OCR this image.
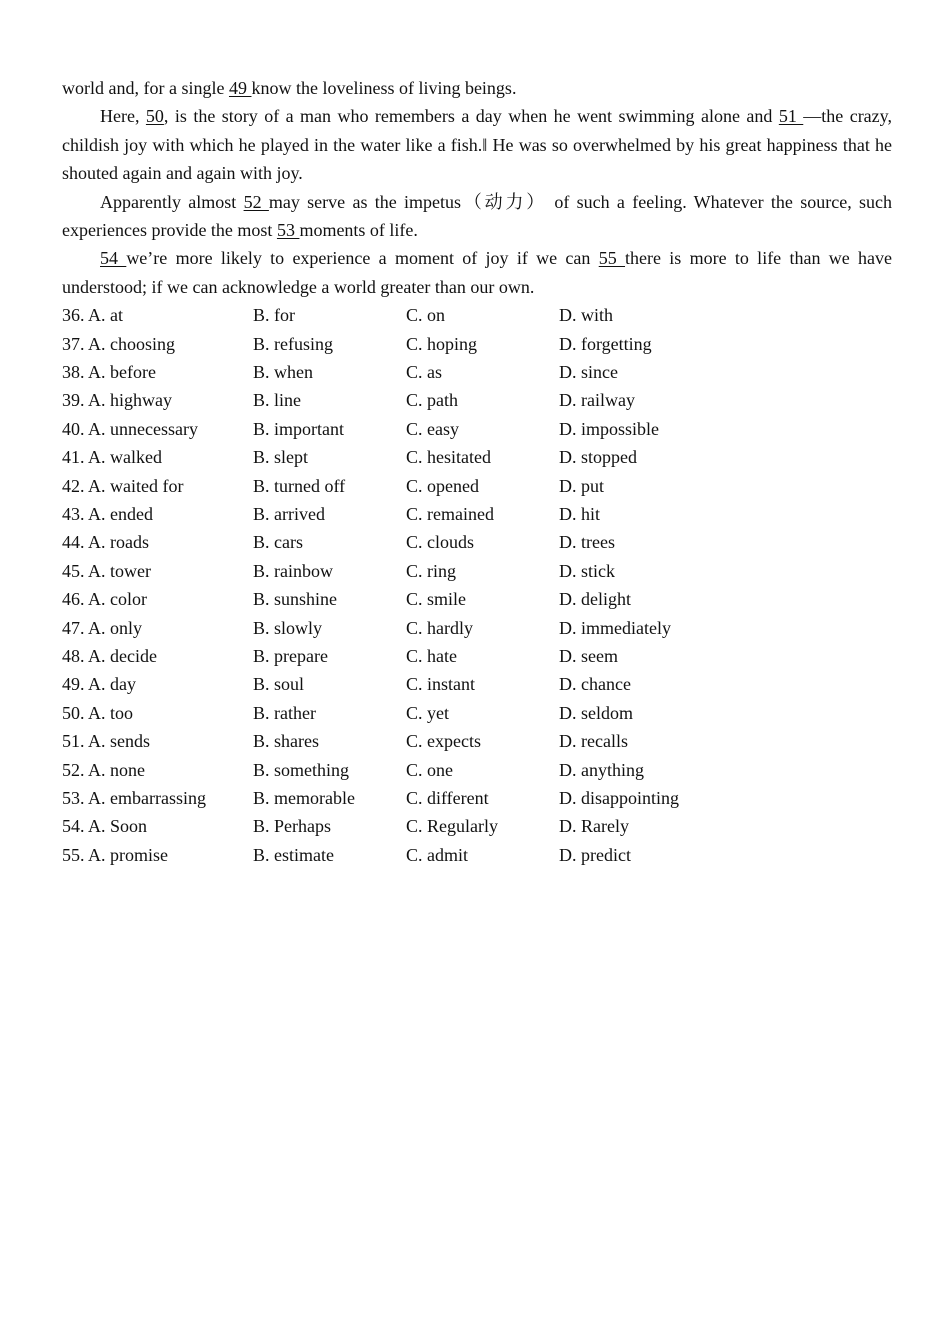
world and, for a single 49 know the loveliness of living beings.

Here, 50, is the story of a man who remembers a day when he went swimming alone and 51 —the crazy, childish joy with which he played in the water like a fish.‖ He was so overwhelmed by his great happiness that he shouted again and again with joy.

Apparently almost 52 may serve as the impetus（动力） of such a feeling. Whatever the source, such experiences provide the most 53 moments of life.

54 we’re more likely to experience a moment of joy if we can 55 there is more to life than we have understood; if we can acknowledge a world greater than our own.

36. A. at	B. for	C. on	D. with
37. A. choosing	B. refusing	C. hoping	D. forgetting
38. A. before	B. when	C. as	D. since
39. A. highway	B. line	C. path	D. railway
40. A. unnecessary	B. important	C. easy	D. impossible
41. A. walked	B. slept	C. hesitated	D. stopped
42. A. waited for	B. turned off	C. opened	D. put
43. A. ended	B. arrived	C. remained	D. hit
44. A. roads	B. cars	C. clouds	D. trees
45. A. tower	B. rainbow	C. ring	D. stick
46. A. color	B. sunshine	C. smile	D. delight
47. A. only	B. slowly	C. hardly	D. immediately
48. A. decide	B. prepare	C. hate	D. seem
49. A. day	B. soul	C. instant	D. chance
50. A. too	B. rather	C. yet	D. seldom
51. A. sends	B. shares	C. expects	D. recalls
52. A. none	B. something	C. one	D. anything
53. A. embarrassing	B. memorable	C. different	D. disappointing
54. A. Soon	B. Perhaps	C. Regularly	D. Rarely
55. A. promise	B. estimate	C. admit	D. predict
